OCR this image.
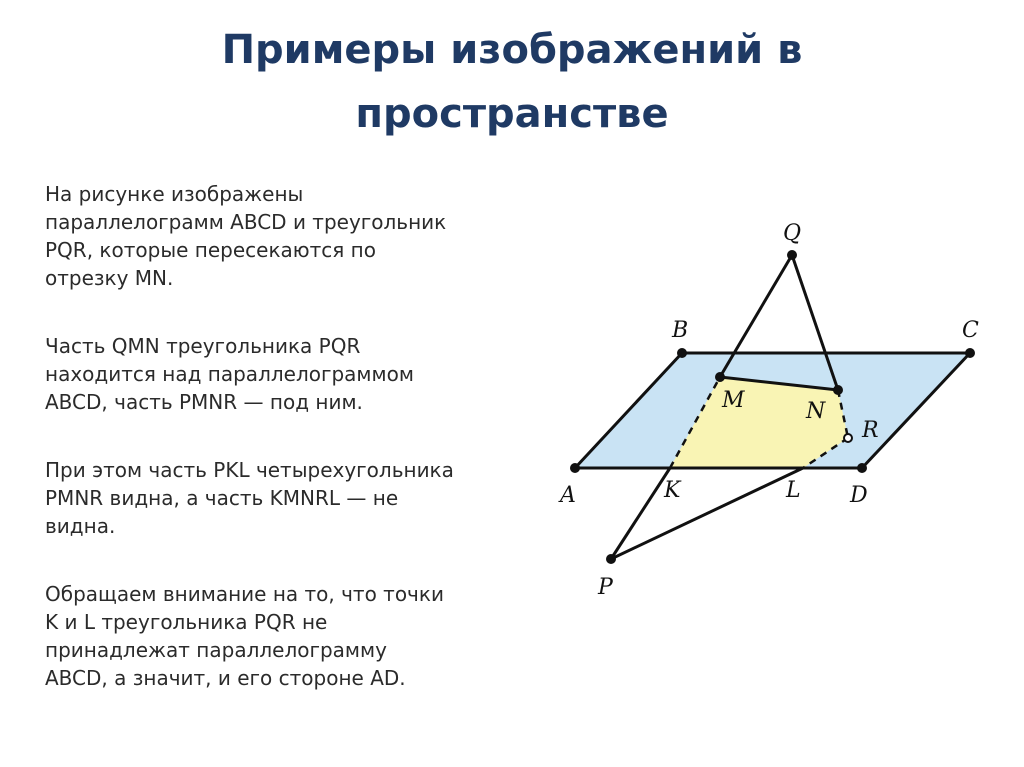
Примеры изображений в
пространстве
На рисунке изображены
параллелограмм ABCD и треугольник
PQR, которые пересекаются по
отрезку MN.
Часть QMN треугольника PQR
находится над параллелограммом
ABCD, часть PMNR — под ним.
При этом часть PKL четырехугольника
PMNR видна, а часть KMNRL — не
видна.
Обращаем внимание на то, что точки
K и L треугольника PQR не
принадлежат параллелограмму
ABCD, а значит, и его стороне AD.
Q
B	C
M	N
R
A	K	L D
P
